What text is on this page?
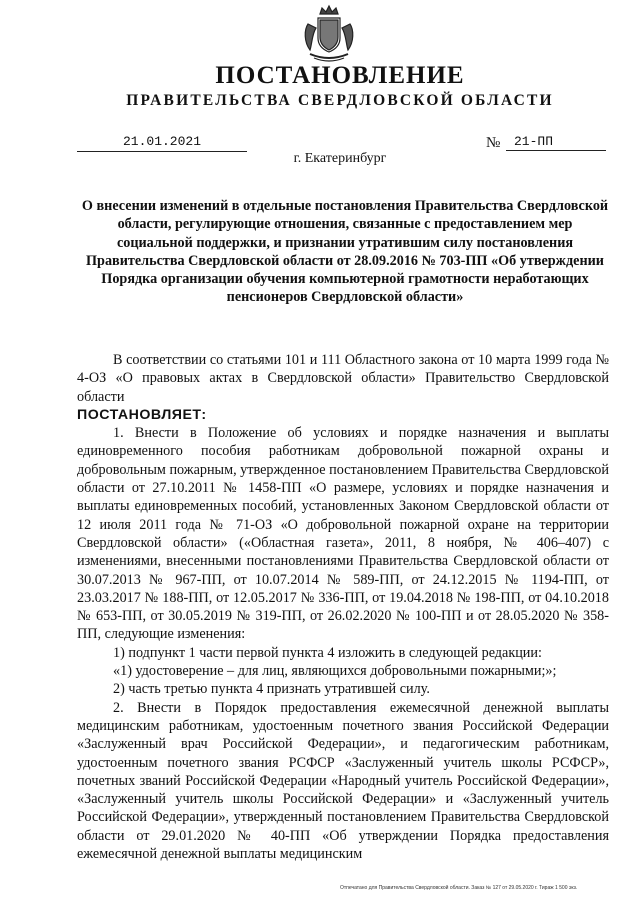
ПОСТАНОВЛЕНИЕ
ПРАВИТЕЛЬСТВА СВЕРДЛОВСКОЙ ОБЛАСТИ
21.01.2021	№	21-ПП
г. Екатеринбург

О внесении изменений в отдельные постановления Правительства Свердловской области, регулирующие отношения, связанные с предоставлением мер социальной поддержки, и признании утратившим силу постановления Правительства Свердловской области от 28.09.2016 № 703-ПП «Об утверждении Порядка организации обучения компьютерной грамотности неработающих пенсионеров Свердловской области»

В соответствии со статьями 101 и 111 Областного закона от 10 марта 1999 года № 4-ОЗ «О правовых актах в Свердловской области» Правительство Свердловской области

ПОСТАНОВЛЯЕТ:

1. Внести в Положение об условиях и порядке назначения и выплаты единовременного пособия работникам добровольной пожарной охраны и добровольным пожарным, утвержденное постановлением Правительства Свердловской области от 27.10.2011 № 1458-ПП «О размере, условиях и порядке назначения и выплаты единовременных пособий, установленных Законом Свердловской области от 12 июля 2011 года № 71-ОЗ «О добровольной пожарной охране на территории Свердловской области» («Областная газета», 2011, 8 ноября, № 406–407) с изменениями, внесенными постановлениями Правительства Свердловской области от 30.07.2013 № 967-ПП, от 10.07.2014 № 589-ПП, от 24.12.2015 № 1194-ПП, от 23.03.2017 № 188-ПП, от 12.05.2017 № 336-ПП, от 19.04.2018 № 198-ПП, от 04.10.2018 № 653-ПП, от 30.05.2019 № 319-ПП, от 26.02.2020 № 100-ПП и от 28.05.2020 № 358-ПП, следующие изменения:

1) подпункт 1 части первой пункта 4 изложить в следующей редакции:

«1) удостоверение – для лиц, являющихся добровольными пожарными;»;

2) часть третью пункта 4 признать утратившей силу.

2. Внести в Порядок предоставления ежемесячной денежной выплаты медицинским работникам, удостоенным почетного звания Российской Федерации «Заслуженный врач Российской Федерации», и педагогическим работникам, удостоенным почетного звания РСФСР «Заслуженный учитель школы РСФСР», почетных званий Российской Федерации «Народный учитель Российской Федерации», «Заслуженный учитель школы Российской Федерации» и «Заслуженный учитель Российской Федерации», утвержденный постановлением Правительства Свердловской области от 29.01.2020 № 40-ПП «Об утверждении Порядка предоставления ежемесячной денежной выплаты медицинским

Отпечатано для Правительства Свердловской области. Заказ № 127 от 29.05.2020 г. Тираж 1 500 экз.
